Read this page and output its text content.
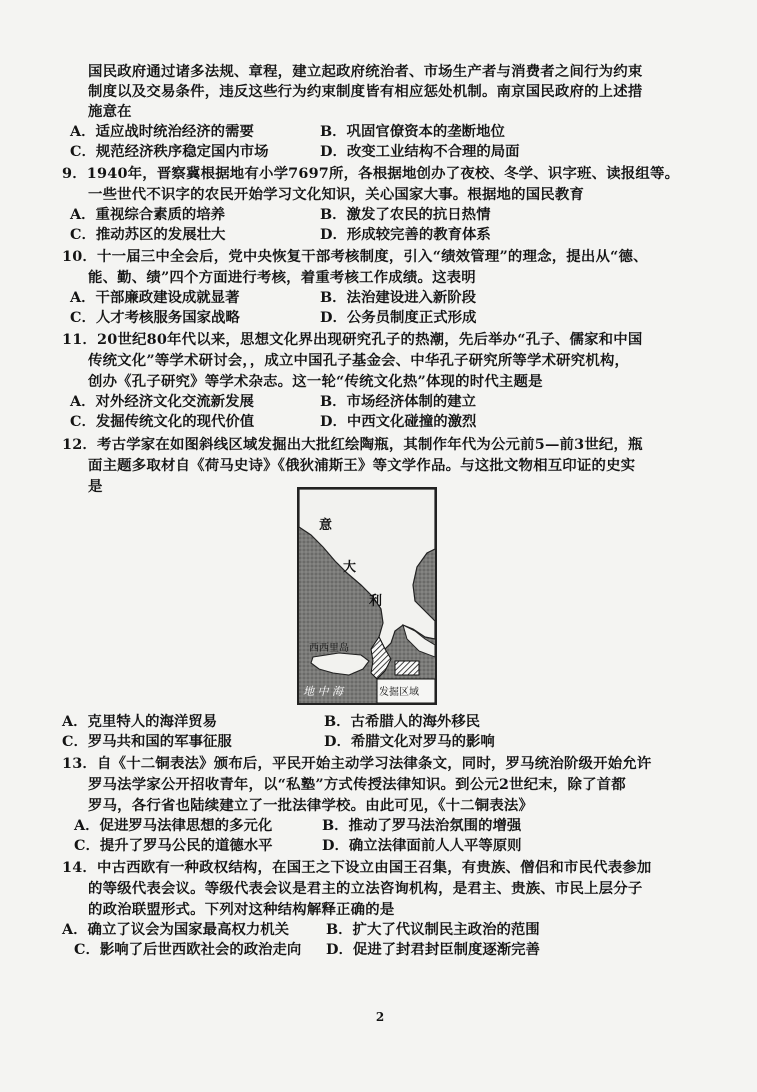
国民政府通过诸多法规、章程，建立起政府统治者、市场生产者与消费者之间行为约束
制度以及交易条件，违反这些行为约束制度皆有相应惩处机制。南京国民政府的上述措
施意在
A．适应战时统治经济的需要	B．巩固官僚资本的垄断地位
C．规范经济秩序稳定国内市场	D．改变工业结构不合理的局面
9．1940年，晋察冀根据地有小学7697所，各根据地创办了夜校、冬学、识字班、读报组等。
一些世代不识字的农民开始学习文化知识，关心国家大事。根据地的国民教育
A．重视综合素质的培养	B．激发了农民的抗日热情
C．推动苏区的发展壮大	D．形成较完善的教育体系
10．十一届三中全会后，党中央恢复干部考核制度，引入“绩效管理”的理念，提出从“德、
能、勤、绩”四个方面进行考核，着重考核工作成绩。这表明
A．干部廉政建设成就显著	B．法治建设进入新阶段
C．人才考核服务国家战略	D．公务员制度正式形成
11．20世纪80年代以来，思想文化界出现研究孔子的热潮，先后举办“孔子、儒家和中国
传统文化”等学术研讨会，，成立中国孔子基金会、中华孔子研究所等学术研究机构，
创办《孔子研究》等学术杂志。这一轮“传统文化热”体现的时代主题是
A．对外经济文化交流新发展	B．市场经济体制的建立
C．发掘传统文化的现代价值	D．中西文化碰撞的激烈
12．考古学家在如图斜线区域发掘出大批红绘陶瓶，其制作年代为公元前5—前3世纪，瓶
面主题多取材自《荷马史诗》《俄狄浦斯王》等文学作品。与这批文物相互印证的史实
是
意
大
利
西西里岛
地 中 海	发掘区域
A．克里特人的海洋贸易	B．古希腊人的海外移民
C．罗马共和国的军事征服	D．希腊文化对罗马的影响
13．自《十二铜表法》颁布后，平民开始主动学习法律条文，同时，罗马统治阶级开始允许
罗马法学家公开招收青年，以“私塾”方式传授法律知识。到公元2世纪末，除了首都
罗马，各行省也陆续建立了一批法律学校。由此可见，《十二铜表法》
A．促进罗马法律思想的多元化	B．推动了罗马法治氛围的增强
C．提升了罗马公民的道德水平	D．确立法律面前人人平等原则
14．中古西欧有一种政权结构，在国王之下设立由国王召集，有贵族、僧侣和市民代表参加
的等级代表会议。等级代表会议是君主的立法咨询机构，是君主、贵族、市民上层分子
的政治联盟形式。下列对这种结构解释正确的是
A．确立了议会为国家最高权力机关	B．扩大了代议制民主政治的范围
C．影响了后世西欧社会的政治走向 D．促进了封君封臣制度逐渐完善
2
